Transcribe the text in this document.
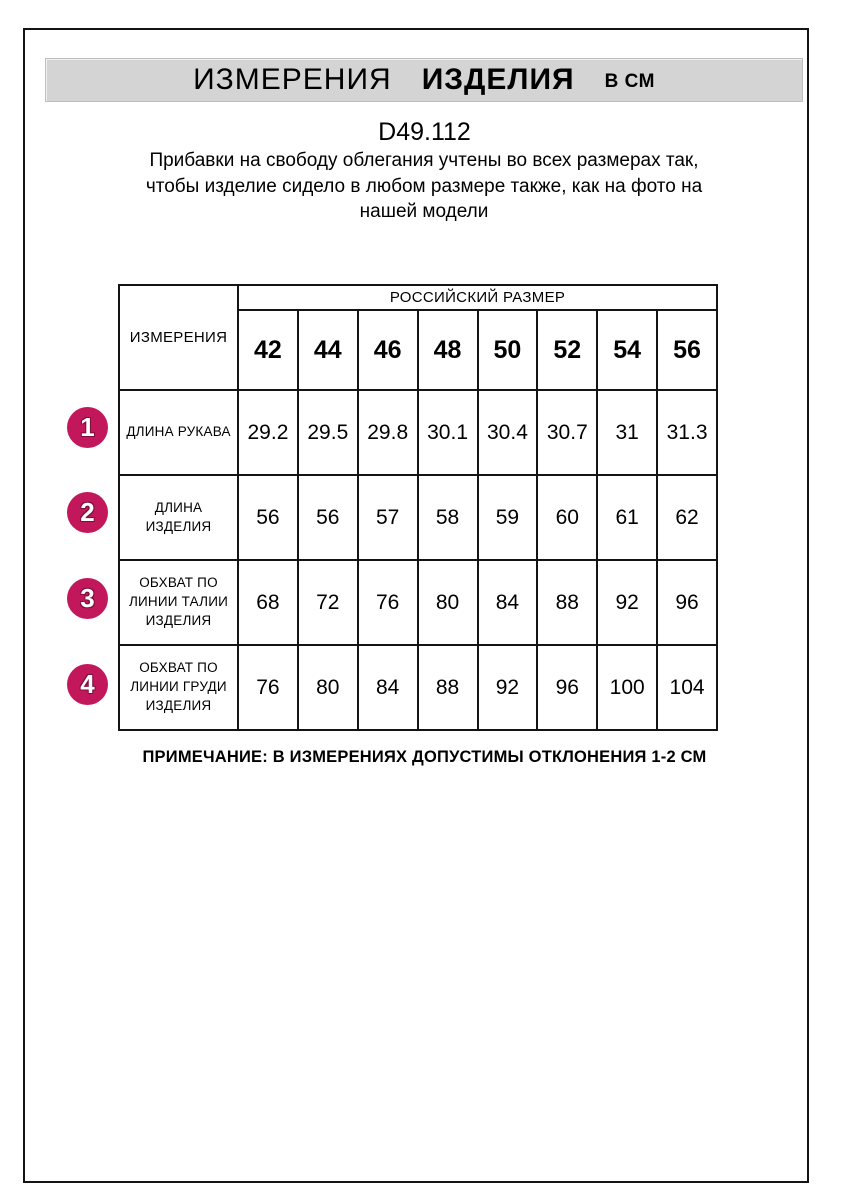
ИЗМЕРЕНИЯ ИЗДЕЛИЯ В СМ
D49.112
Прибавки на свободу облегания учтены во всех размерах так, чтобы изделие сидело в любом размере также, как на фото на нашей модели
ИЗМЕРЕНИЯ	РОССИЙСКИЙ РАЗМЕР							
	42	44	46	48	50	52	54	56
ДЛИНА РУКАВА	29.2	29.5	29.8	30.1	30.4	30.7	31	31.3
ДЛИНА ИЗДЕЛИЯ	56	56	57	58	59	60	61	62
ОБХВАТ ПО ЛИНИИ ТАЛИИ ИЗДЕЛИЯ	68	72	76	80	84	88	92	96
ОБХВАТ ПО ЛИНИИ ГРУДИ ИЗДЕЛИЯ	76	80	84	88	92	96	100	104
1
2
3
4
ПРИМЕЧАНИЕ: В ИЗМЕРЕНИЯХ ДОПУСТИМЫ ОТКЛОНЕНИЯ 1-2 СМ
